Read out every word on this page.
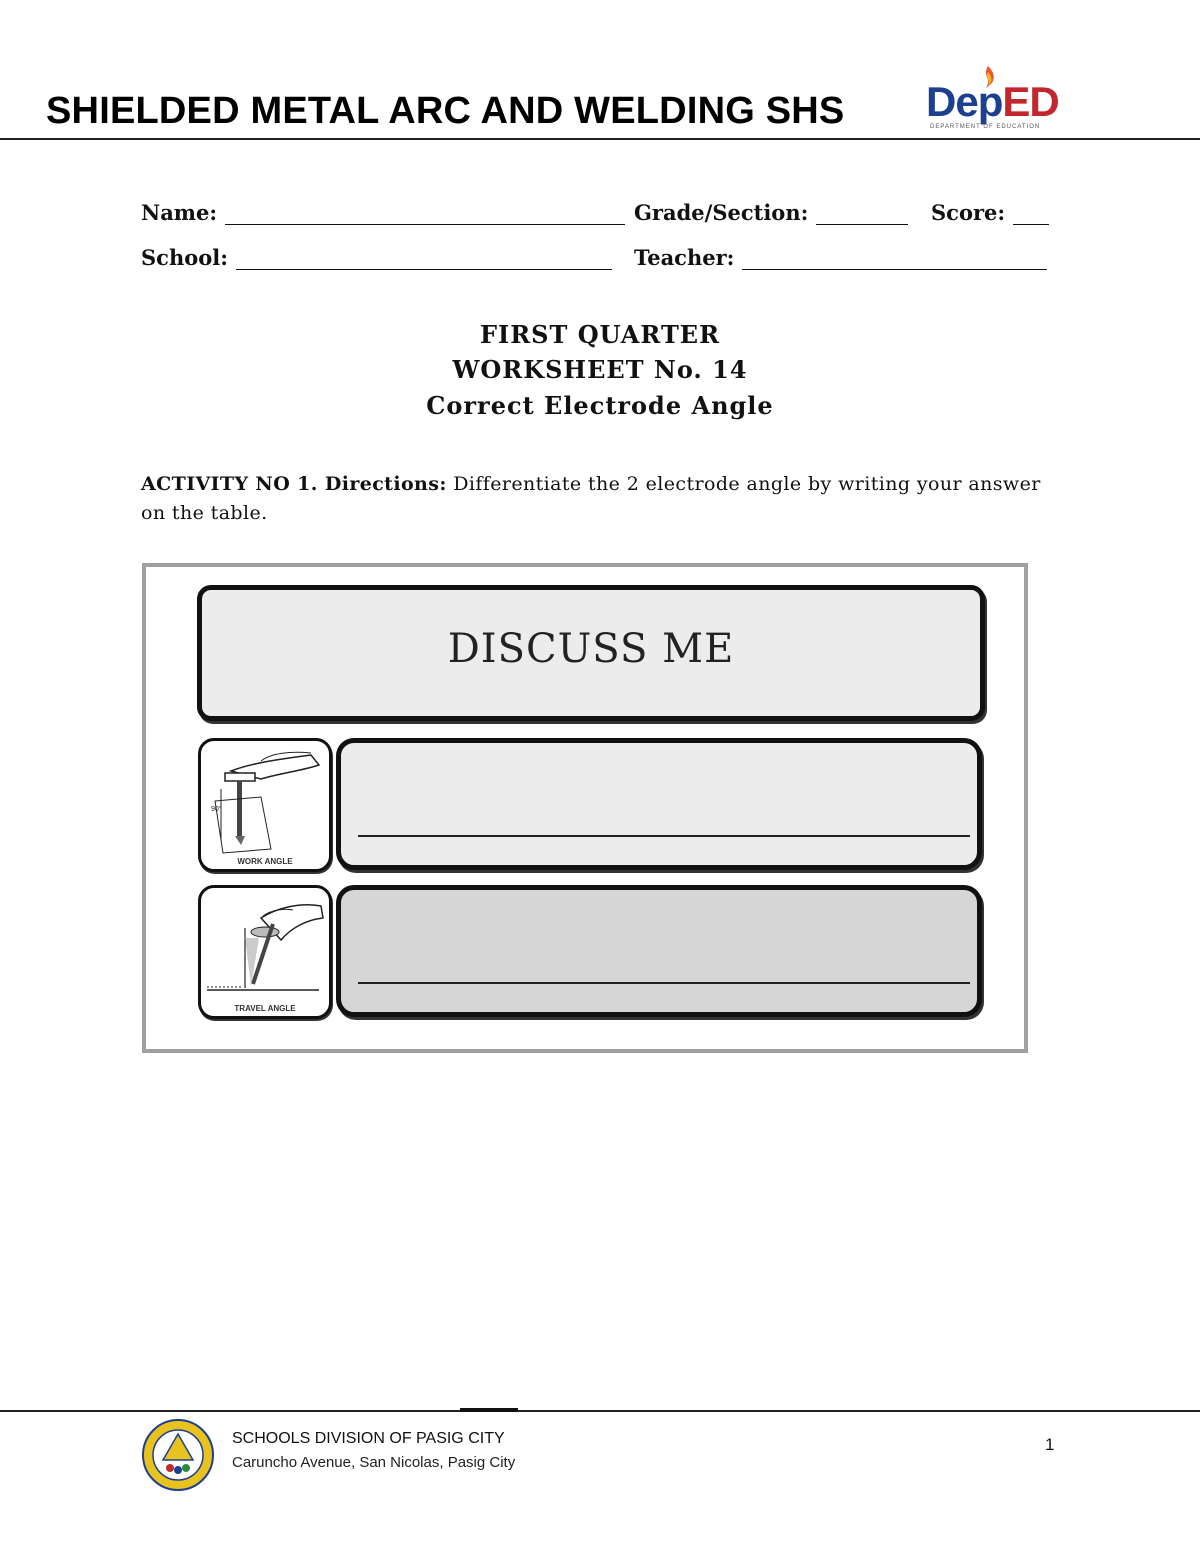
SHIELDED METAL ARC AND WELDING SHS DepED
DEPARTMENT OF EDUCATION
Name:	Grade/Section:	Score:
School:	Teacher:
FIRST QUARTER
WORKSHEET No. 14
Correct Electrode Angle
ACTIVITY NO 1. Directions: Differentiate the 2 electrode angle by writing your answer on the table.
DISCUSS ME
90°
WORK ANGLE
TRAVEL ANGLE
SCHOOLS DIVISION OF PASIG CITY
Caruncho Avenue, San Nicolas, Pasig City
1
